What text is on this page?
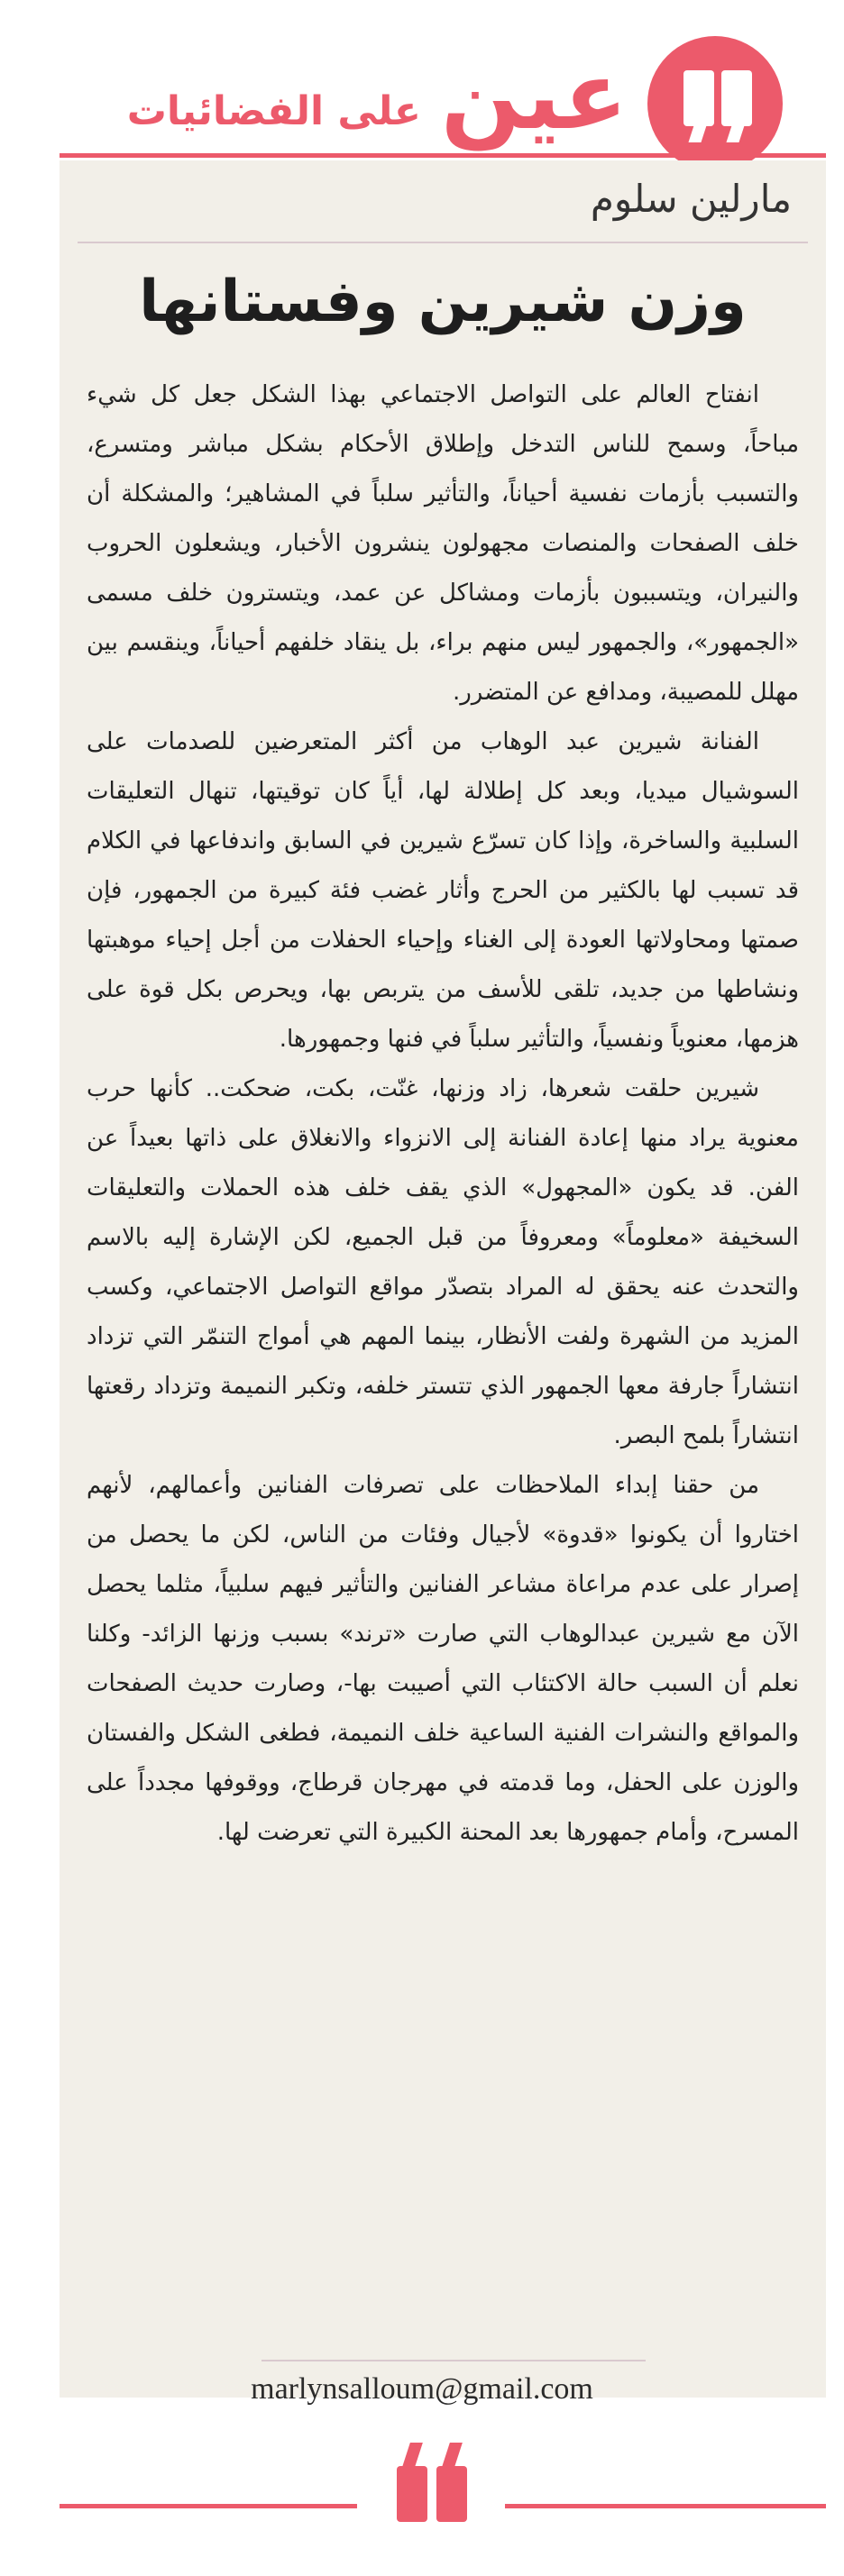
عين
على الفضائيات
مارلين سلوم
وزن شيرين وفستانها

انفتاح العالم على التواصل الاجتماعي بهذا الشكل جعل كل شيء مباحاً، وسمح للناس التدخل وإطلاق الأحكام بشكل مباشر ومتسرع، والتسبب بأزمات نفسية أحياناً، والتأثير سلباً في المشاهير؛ والمشكلة أن خلف الصفحات والمنصات مجهولون ينشرون الأخبار، ويشعلون الحروب والنيران، ويتسببون بأزمات ومشاكل عن عمد، ويتسترون خلف مسمى «الجمهور»، والجمهور ليس منهم براء، بل ينقاد خلفهم أحياناً، وينقسم بين مهلل للمصيبة، ومدافع عن المتضرر.

الفنانة شيرين عبد الوهاب من أكثر المتعرضين للصدمات على السوشيال ميديا، وبعد كل إطلالة لها، أياً كان توقيتها، تنهال التعليقات السلبية والساخرة، وإذا كان تسرّع شيرين في السابق واندفاعها في الكلام قد تسبب لها بالكثير من الحرج وأثار غضب فئة كبيرة من الجمهور، فإن صمتها ومحاولاتها العودة إلى الغناء وإحياء الحفلات من أجل إحياء موهبتها ونشاطها من جديد، تلقى للأسف من يتربص بها، ويحرص بكل قوة على هزمها، معنوياً ونفسياً، والتأثير سلباً في فنها وجمهورها.

شيرين حلقت شعرها، زاد وزنها، غنّت، بكت، ضحكت.. كأنها حرب معنوية يراد منها إعادة الفنانة إلى الانزواء والانغلاق على ذاتها بعيداً عن الفن. قد يكون «المجهول» الذي يقف خلف هذه الحملات والتعليقات السخيفة «معلوماً» ومعروفاً من قبل الجميع، لكن الإشارة إليه بالاسم والتحدث عنه يحقق له المراد بتصدّر مواقع التواصل الاجتماعي، وكسب المزيد من الشهرة ولفت الأنظار، بينما المهم هي أمواج التنمّر التي تزداد انتشاراً جارفة معها الجمهور الذي تتستر خلفه، وتكبر النميمة وتزداد رقعتها انتشاراً بلمح البصر.

من حقنا إبداء الملاحظات على تصرفات الفنانين وأعمالهم، لأنهم اختاروا أن يكونوا «قدوة» لأجيال وفئات من الناس، لكن ما يحصل من إصرار على عدم مراعاة مشاعر الفنانين والتأثير فيهم سلبياً، مثلما يحصل الآن مع شيرين عبدالوهاب التي صارت «ترند» بسبب وزنها الزائد- وكلنا نعلم أن السبب حالة الاكتئاب التي أصيبت بها-، وصارت حديث الصفحات والمواقع والنشرات الفنية الساعية خلف النميمة، فطغى الشكل والفستان والوزن على الحفل، وما قدمته في مهرجان قرطاج، ووقوفها مجدداً على المسرح، وأمام جمهورها بعد المحنة الكبيرة التي تعرضت لها.

marlynsalloum@gmail.com
